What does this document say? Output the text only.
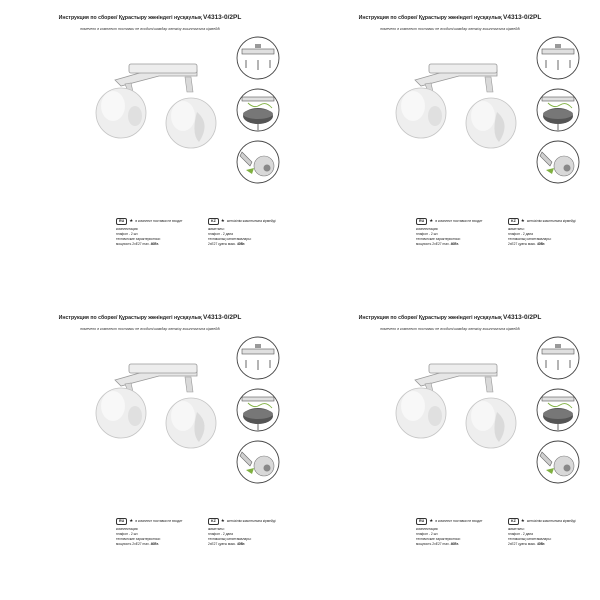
Инструкция по сборке/ Құрастыру жөніндегі нұсқаулық V4313-0/2PL
помечено в комплект поставки не входит/шамдар жеткізу жиынтығына кірмейді
RU ★ в комплект поставки не входит
комплектация:
плафон - 2 шт.
технические характеристики:
мощность 2хE27 max. 40Вт.
KZ ★ жеткізілім жиынтығына кірмейді
жиынтығы:
плафон - 2 дана
техникалық сипаттамалары:
2хE27 қуаты макс. 40Вт.
Инструкция по сборке/ Құрастыру жөніндегі нұсқаулық V4313-0/2PL
помечено в комплект поставки не входит/шамдар жеткізу жиынтығына кірмейді
RU ★ в комплект поставки не входит
комплектация:
плафон - 2 шт.
технические характеристики:
мощность 2хE27 max. 40Вт.
KZ ★ жеткізілім жиынтығына кірмейді
жиынтығы:
плафон - 2 дана
техникалық сипаттамалары:
2хE27 қуаты макс. 40Вт.
Инструкция по сборке/ Құрастыру жөніндегі нұсқаулық V4313-0/2PL
помечено в комплект поставки не входит/шамдар жеткізу жиынтығына кірмейді
RU ★ в комплект поставки не входит
комплектация:
плафон - 2 шт.
технические характеристики:
мощность 2хE27 max. 40Вт.
KZ ★ жеткізілім жиынтығына кірмейді
жиынтығы:
плафон - 2 дана
техникалық сипаттамалары:
2хE27 қуаты макс. 40Вт.
Инструкция по сборке/ Құрастыру жөніндегі нұсқаулық V4313-0/2PL
помечено в комплект поставки не входит/шамдар жеткізу жиынтығына кірмейді
RU ★ в комплект поставки не входит
комплектация:
плафон - 2 шт.
технические характеристики:
мощность 2хE27 max. 40Вт.
KZ ★ жеткізілім жиынтығына кірмейді
жиынтығы:
плафон - 2 дана
техникалық сипаттамалары:
2хE27 қуаты макс. 40Вт.
